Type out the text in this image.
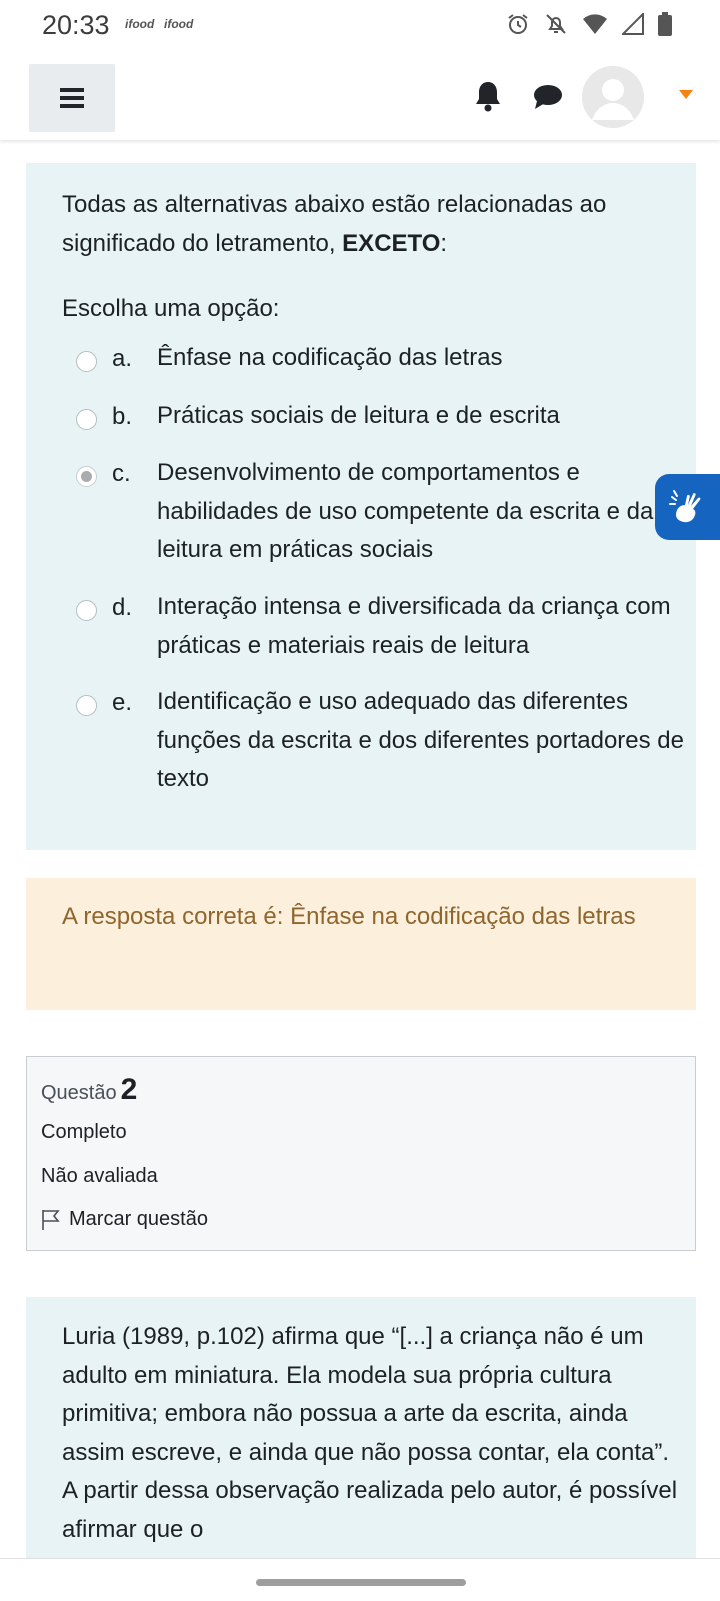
20:33 ifood ifood
Todas as alternativas abaixo estão relacionadas ao significado do letramento, EXCETO:
Escolha uma opção:
a. Ênfase na codificação das letras
b. Práticas sociais de leitura e de escrita
c. Desenvolvimento de comportamentos e habilidades de uso competente da escrita e da leitura em práticas sociais
d. Interação intensa e diversificada da criança com práticas e materiais reais de leitura
e. Identificação e uso adequado das diferentes funções da escrita e dos diferentes portadores de texto
A resposta correta é: Ênfase na codificação das letras
Questão 2
Completo
Não avaliada
Marcar questão
Luria (1989, p.102) afirma que “[...] a criança não é um adulto em miniatura. Ela modela sua própria cultura primitiva; embora não possua a arte da escrita, ainda assim escreve, e ainda que não possa contar, ela conta”. A partir dessa observação realizada pelo autor, é possível afirmar que o
